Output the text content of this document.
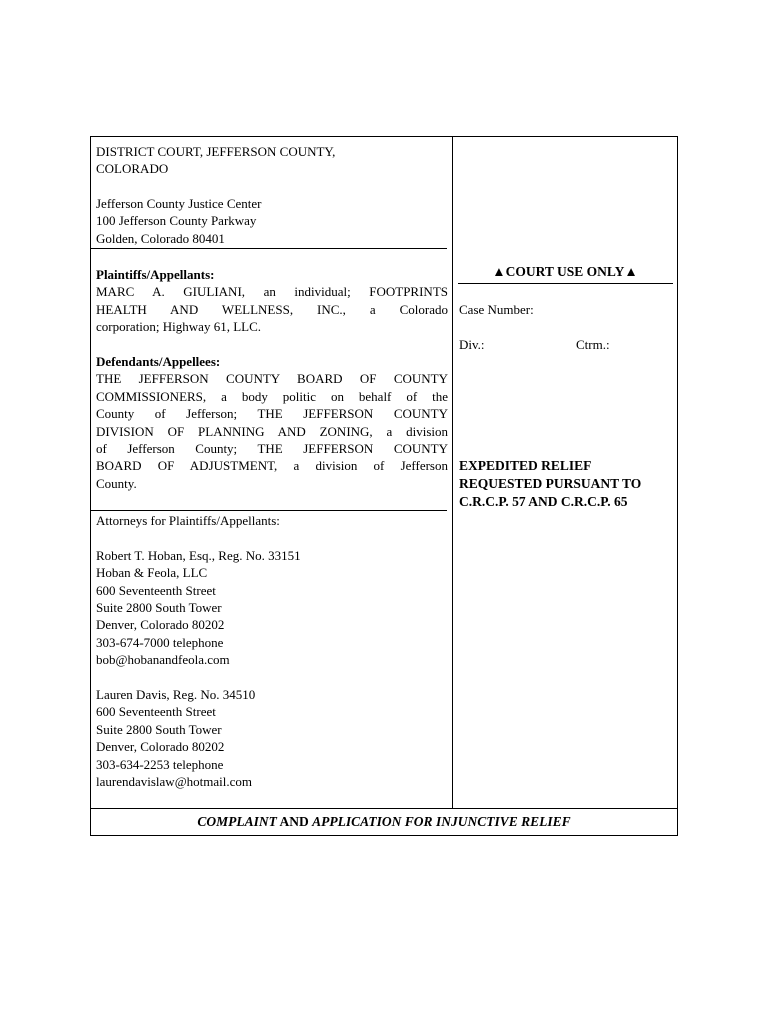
DISTRICT COURT, JEFFERSON COUNTY,
COLORADO
Jefferson County Justice Center
100 Jefferson County Parkway
Golden, Colorado 80401
Plaintiffs/Appellants:
MARC A. GIULIANI, an individual; FOOTPRINTS
HEALTH AND WELLNESS, INC., a Colorado
corporation; Highway 61, LLC.
Defendants/Appellees:
THE JEFFERSON COUNTY BOARD OF COUNTY
COMMISSIONERS, a body politic on behalf of the
County of Jefferson; THE JEFFERSON COUNTY
DIVISION OF PLANNING AND ZONING, a division
of Jefferson County; THE JEFFERSON COUNTY
BOARD OF ADJUSTMENT, a division of Jefferson
County.
Attorneys for Plaintiffs/Appellants:
Robert T. Hoban, Esq., Reg. No. 33151
Hoban & Feola, LLC
600 Seventeenth Street
Suite 2800 South Tower
Denver, Colorado 80202
303-674-7000 telephone
bob@hobanandfeola.com
Lauren Davis, Reg. No. 34510
600 Seventeenth Street
Suite 2800 South Tower
Denver, Colorado 80202
303-634-2253 telephone
laurendavislaw@hotmail.com
▲COURT USE ONLY▲
Case Number:
Div.:	Ctrm.:
EXPEDITED RELIEF
REQUESTED PURSUANT TO
C.R.C.P. 57 AND C.R.C.P. 65
COMPLAINT AND APPLICATION FOR INJUNCTIVE RELIEF
